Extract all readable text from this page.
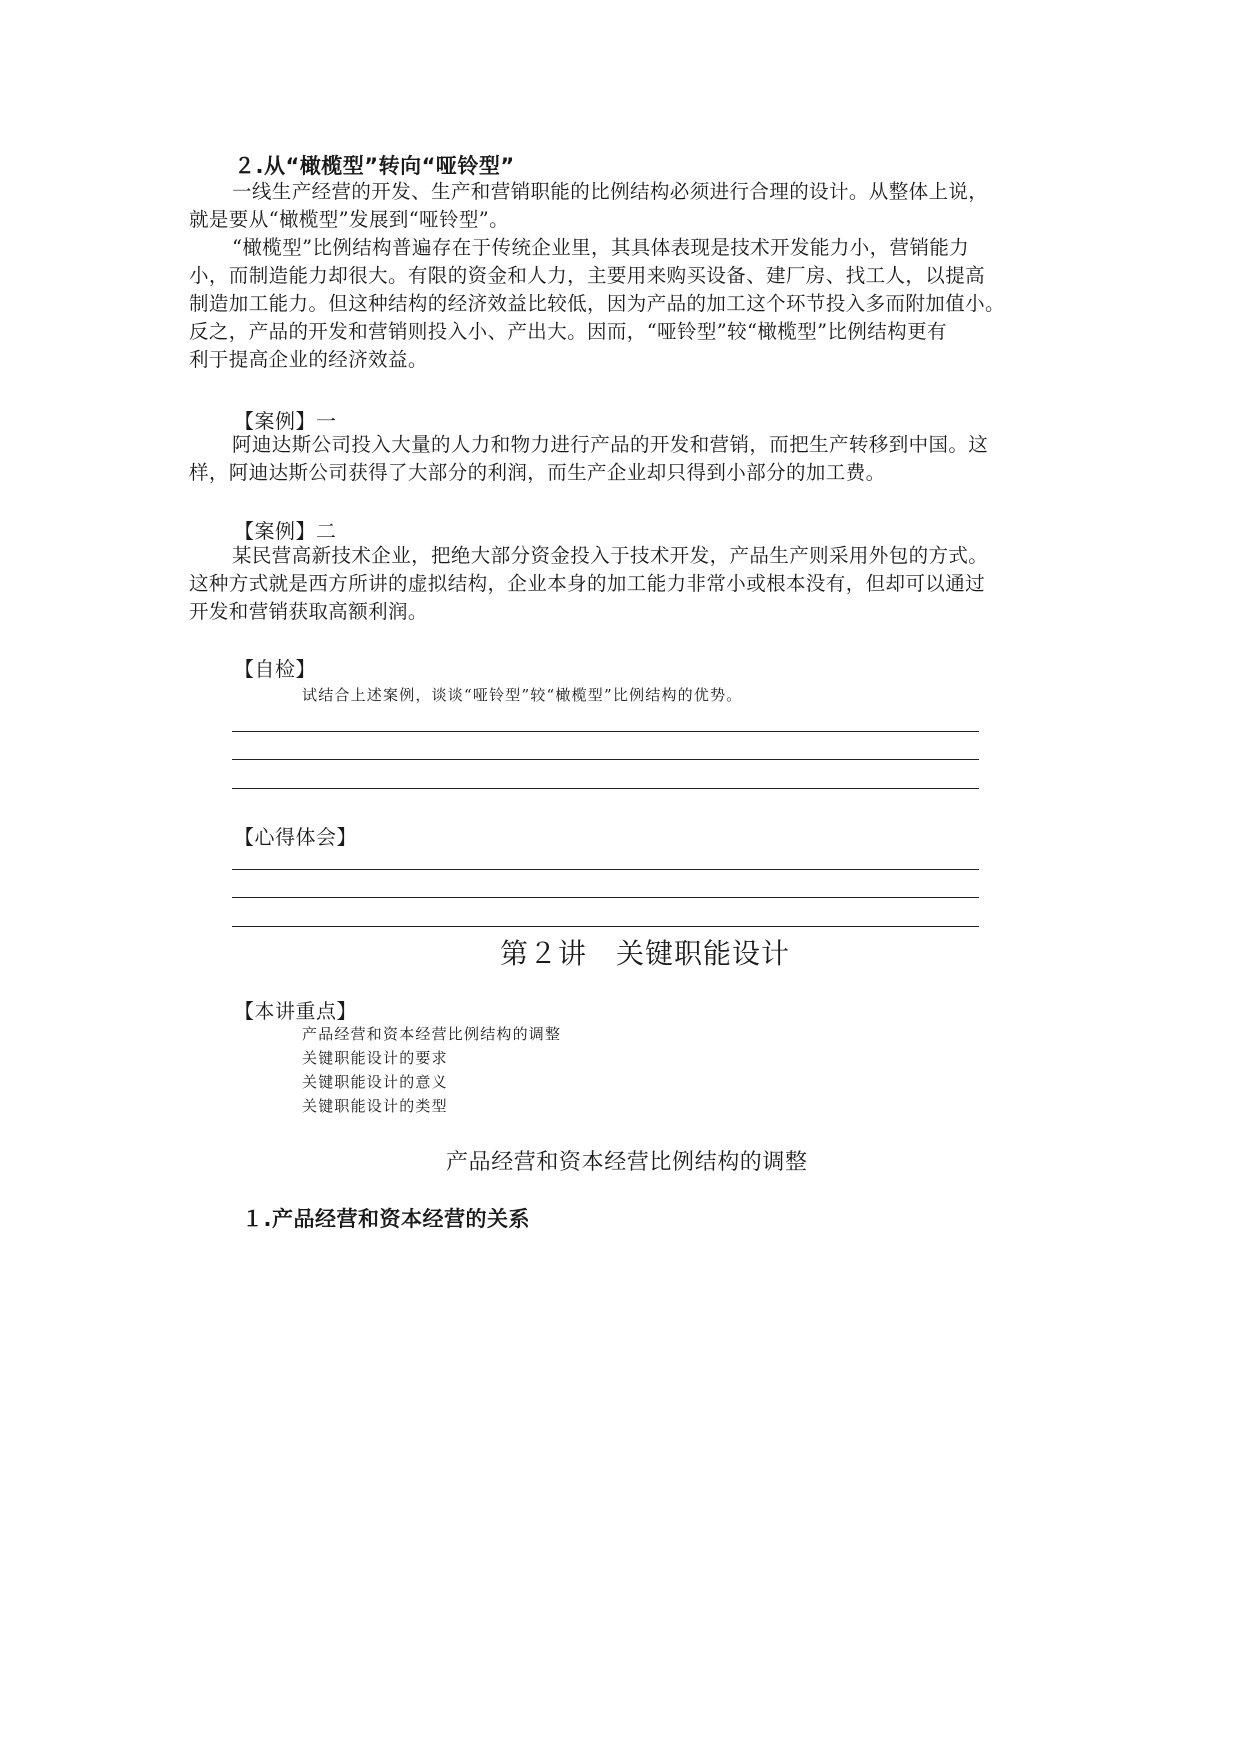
２.从“橄榄型”转向“哑铃型”
一线生产经营的开发、生产和营销职能的比例结构必须进行合理的设计。从整体上说，
就是要从“橄榄型”发展到“哑铃型”。
“橄榄型”比例结构普遍存在于传统企业里，其具体表现是技术开发能力小，营销能力
小，而制造能力却很大。有限的资金和人力，主要用来购买设备、建厂房、找工人，以提高
制造加工能力。但这种结构的经济效益比较低，因为产品的加工这个环节投入多而附加值小。
反之，产品的开发和营销则投入小、产出大。因而，“哑铃型”较“橄榄型”比例结构更有
利于提高企业的经济效益。
【案例】一
阿迪达斯公司投入大量的人力和物力进行产品的开发和营销，而把生产转移到中国。这
样，阿迪达斯公司获得了大部分的利润，而生产企业却只得到小部分的加工费。
【案例】二
某民营高新技术企业，把绝大部分资金投入于技术开发，产品生产则采用外包的方式。
这种方式就是西方所讲的虚拟结构，企业本身的加工能力非常小或根本没有，但却可以通过
开发和营销获取高额利润。
【自检】
试结合上述案例，谈谈“哑铃型”较“橄榄型”比例结构的优势。
【心得体会】
第２讲　关键职能设计
【本讲重点】
产品经营和资本经营比例结构的调整
关键职能设计的要求
关键职能设计的意义
关键职能设计的类型
产品经营和资本经营比例结构的调整
１.产品经营和资本经营的关系
